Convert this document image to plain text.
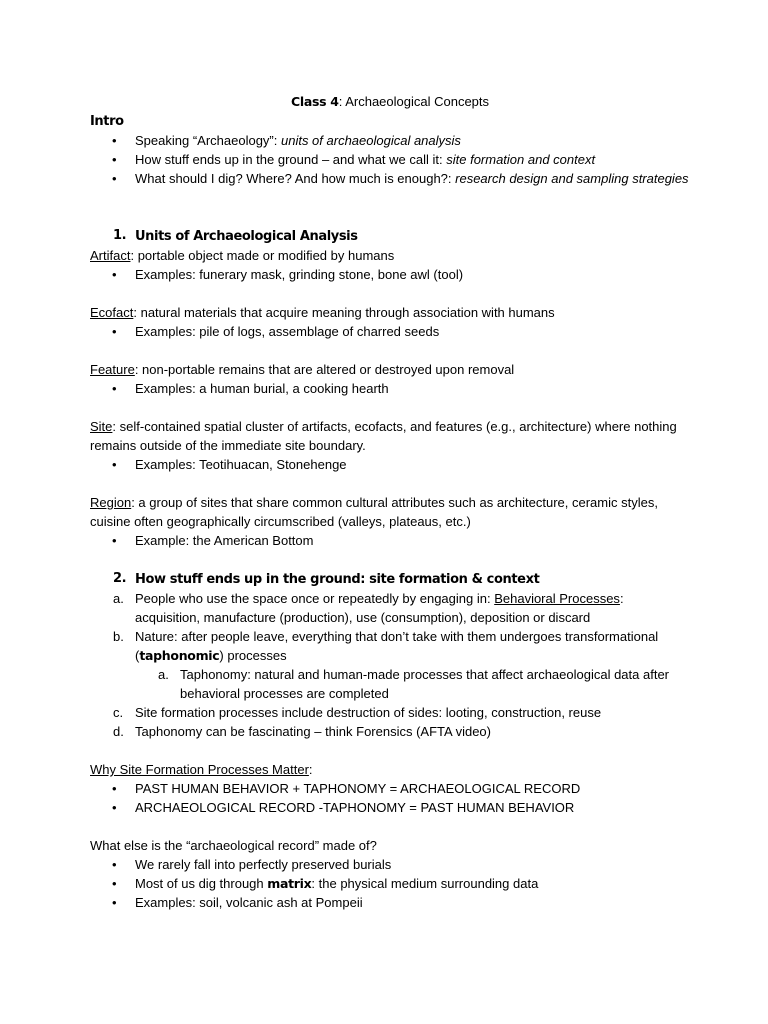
Class 4: Archaeological Concepts

Intro

• Speaking “Archaeology”: units of archaeological analysis
• How stuff ends up in the ground – and what we call it: site formation and context
• What should I dig? Where? And how much is enough?: research design and sampling strategies
1. Units of Archaeological Analysis

Artifact: portable object made or modified by humans

• Examples: funerary mask, grinding stone, bone awl (tool)

Ecofact: natural materials that acquire meaning through association with humans

• Examples: pile of logs, assemblage of charred seeds

Feature: non-portable remains that are altered or destroyed upon removal

• Examples: a human burial, a cooking hearth

Site: self-contained spatial cluster of artifacts, ecofacts, and features (e.g., architecture) where nothing remains outside of the immediate site boundary.

• Examples: Teotihuacan, Stonehenge

Region: a group of sites that share common cultural attributes such as architecture, ceramic styles, cuisine often geographically circumscribed (valleys, plateaus, etc.)

• Example: the American Bottom
2. How stuff ends up in the ground: site formation & context
a. People who use the space once or repeatedly by engaging in: Behavioral Processes: acquisition, manufacture (production), use (consumption), deposition or discard
b. Nature: after people leave, everything that don’t take with them undergoes transformational (taphonomic) processes
a. Taphonomy: natural and human-made processes that affect archaeological data after behavioral processes are completed
c. Site formation processes include destruction of sides: looting, construction, reuse
d. Taphonomy can be fascinating – think Forensics (AFTA video)

Why Site Formation Processes Matter:

• PAST HUMAN BEHAVIOR + TAPHONOMY = ARCHAEOLOGICAL RECORD
• ARCHAEOLOGICAL RECORD -TAPHONOMY = PAST HUMAN BEHAVIOR

What else is the “archaeological record” made of?

• We rarely fall into perfectly preserved burials
• Most of us dig through matrix: the physical medium surrounding data
• Examples: soil, volcanic ash at Pompeii
